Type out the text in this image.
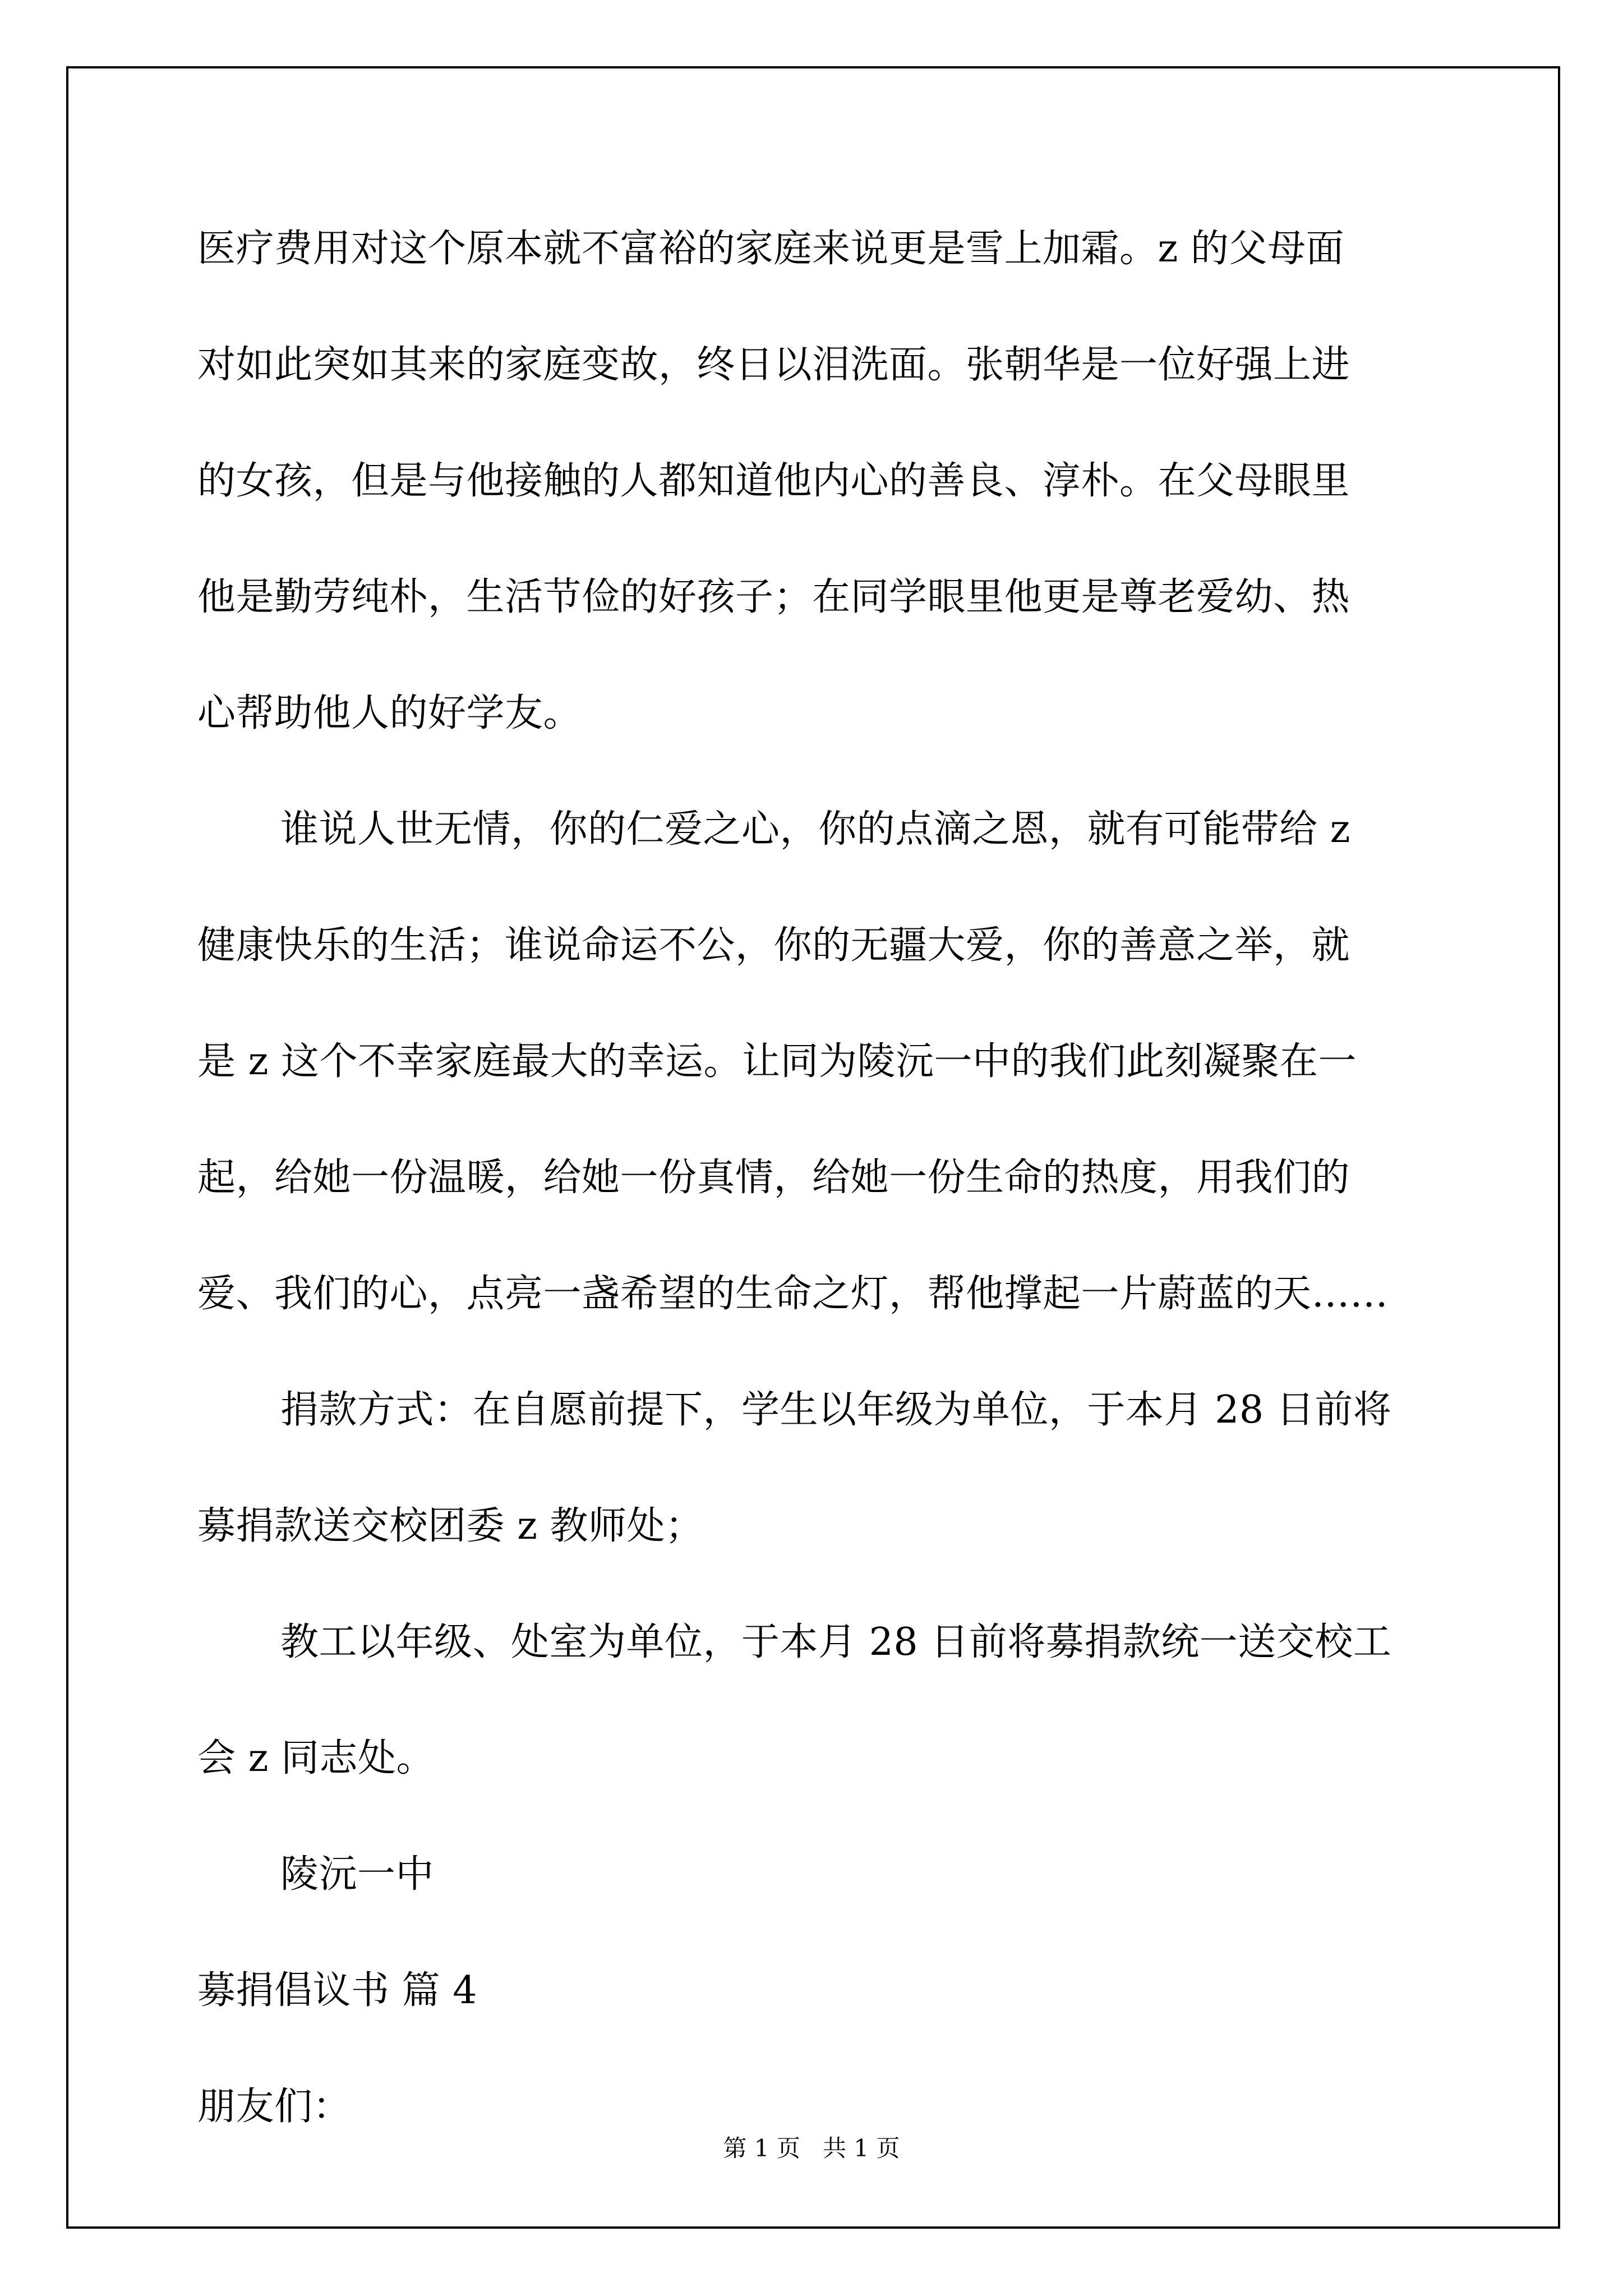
医疗费用对这个原本就不富裕的家庭来说更是雪上加霜。z 的父母面
对如此突如其来的家庭变故，终日以泪洗面。张朝华是一位好强上进
的女孩，但是与他接触的人都知道他内心的善良、淳朴。在父母眼里
他是勤劳纯朴，生活节俭的好孩子；在同学眼里他更是尊老爱幼、热
心帮助他人的好学友。
谁说人世无情，你的仁爱之心，你的点滴之恩，就有可能带给 z
健康快乐的生活；谁说命运不公，你的无疆大爱，你的善意之举，就
是 z 这个不幸家庭最大的幸运。让同为陵沅一中的我们此刻凝聚在一
起，给她一份温暖，给她一份真情，给她一份生命的热度，用我们的
爱、我们的心，点亮一盏希望的生命之灯，帮他撑起一片蔚蓝的天……
捐款方式：在自愿前提下，学生以年级为单位，于本月 28 日前将
募捐款送交校团委 z 教师处；
教工以年级、处室为单位，于本月 28 日前将募捐款统一送交校工
会 z 同志处。
陵沅一中
募捐倡议书 篇 4
朋友们：
第 1 页   共 1 页
